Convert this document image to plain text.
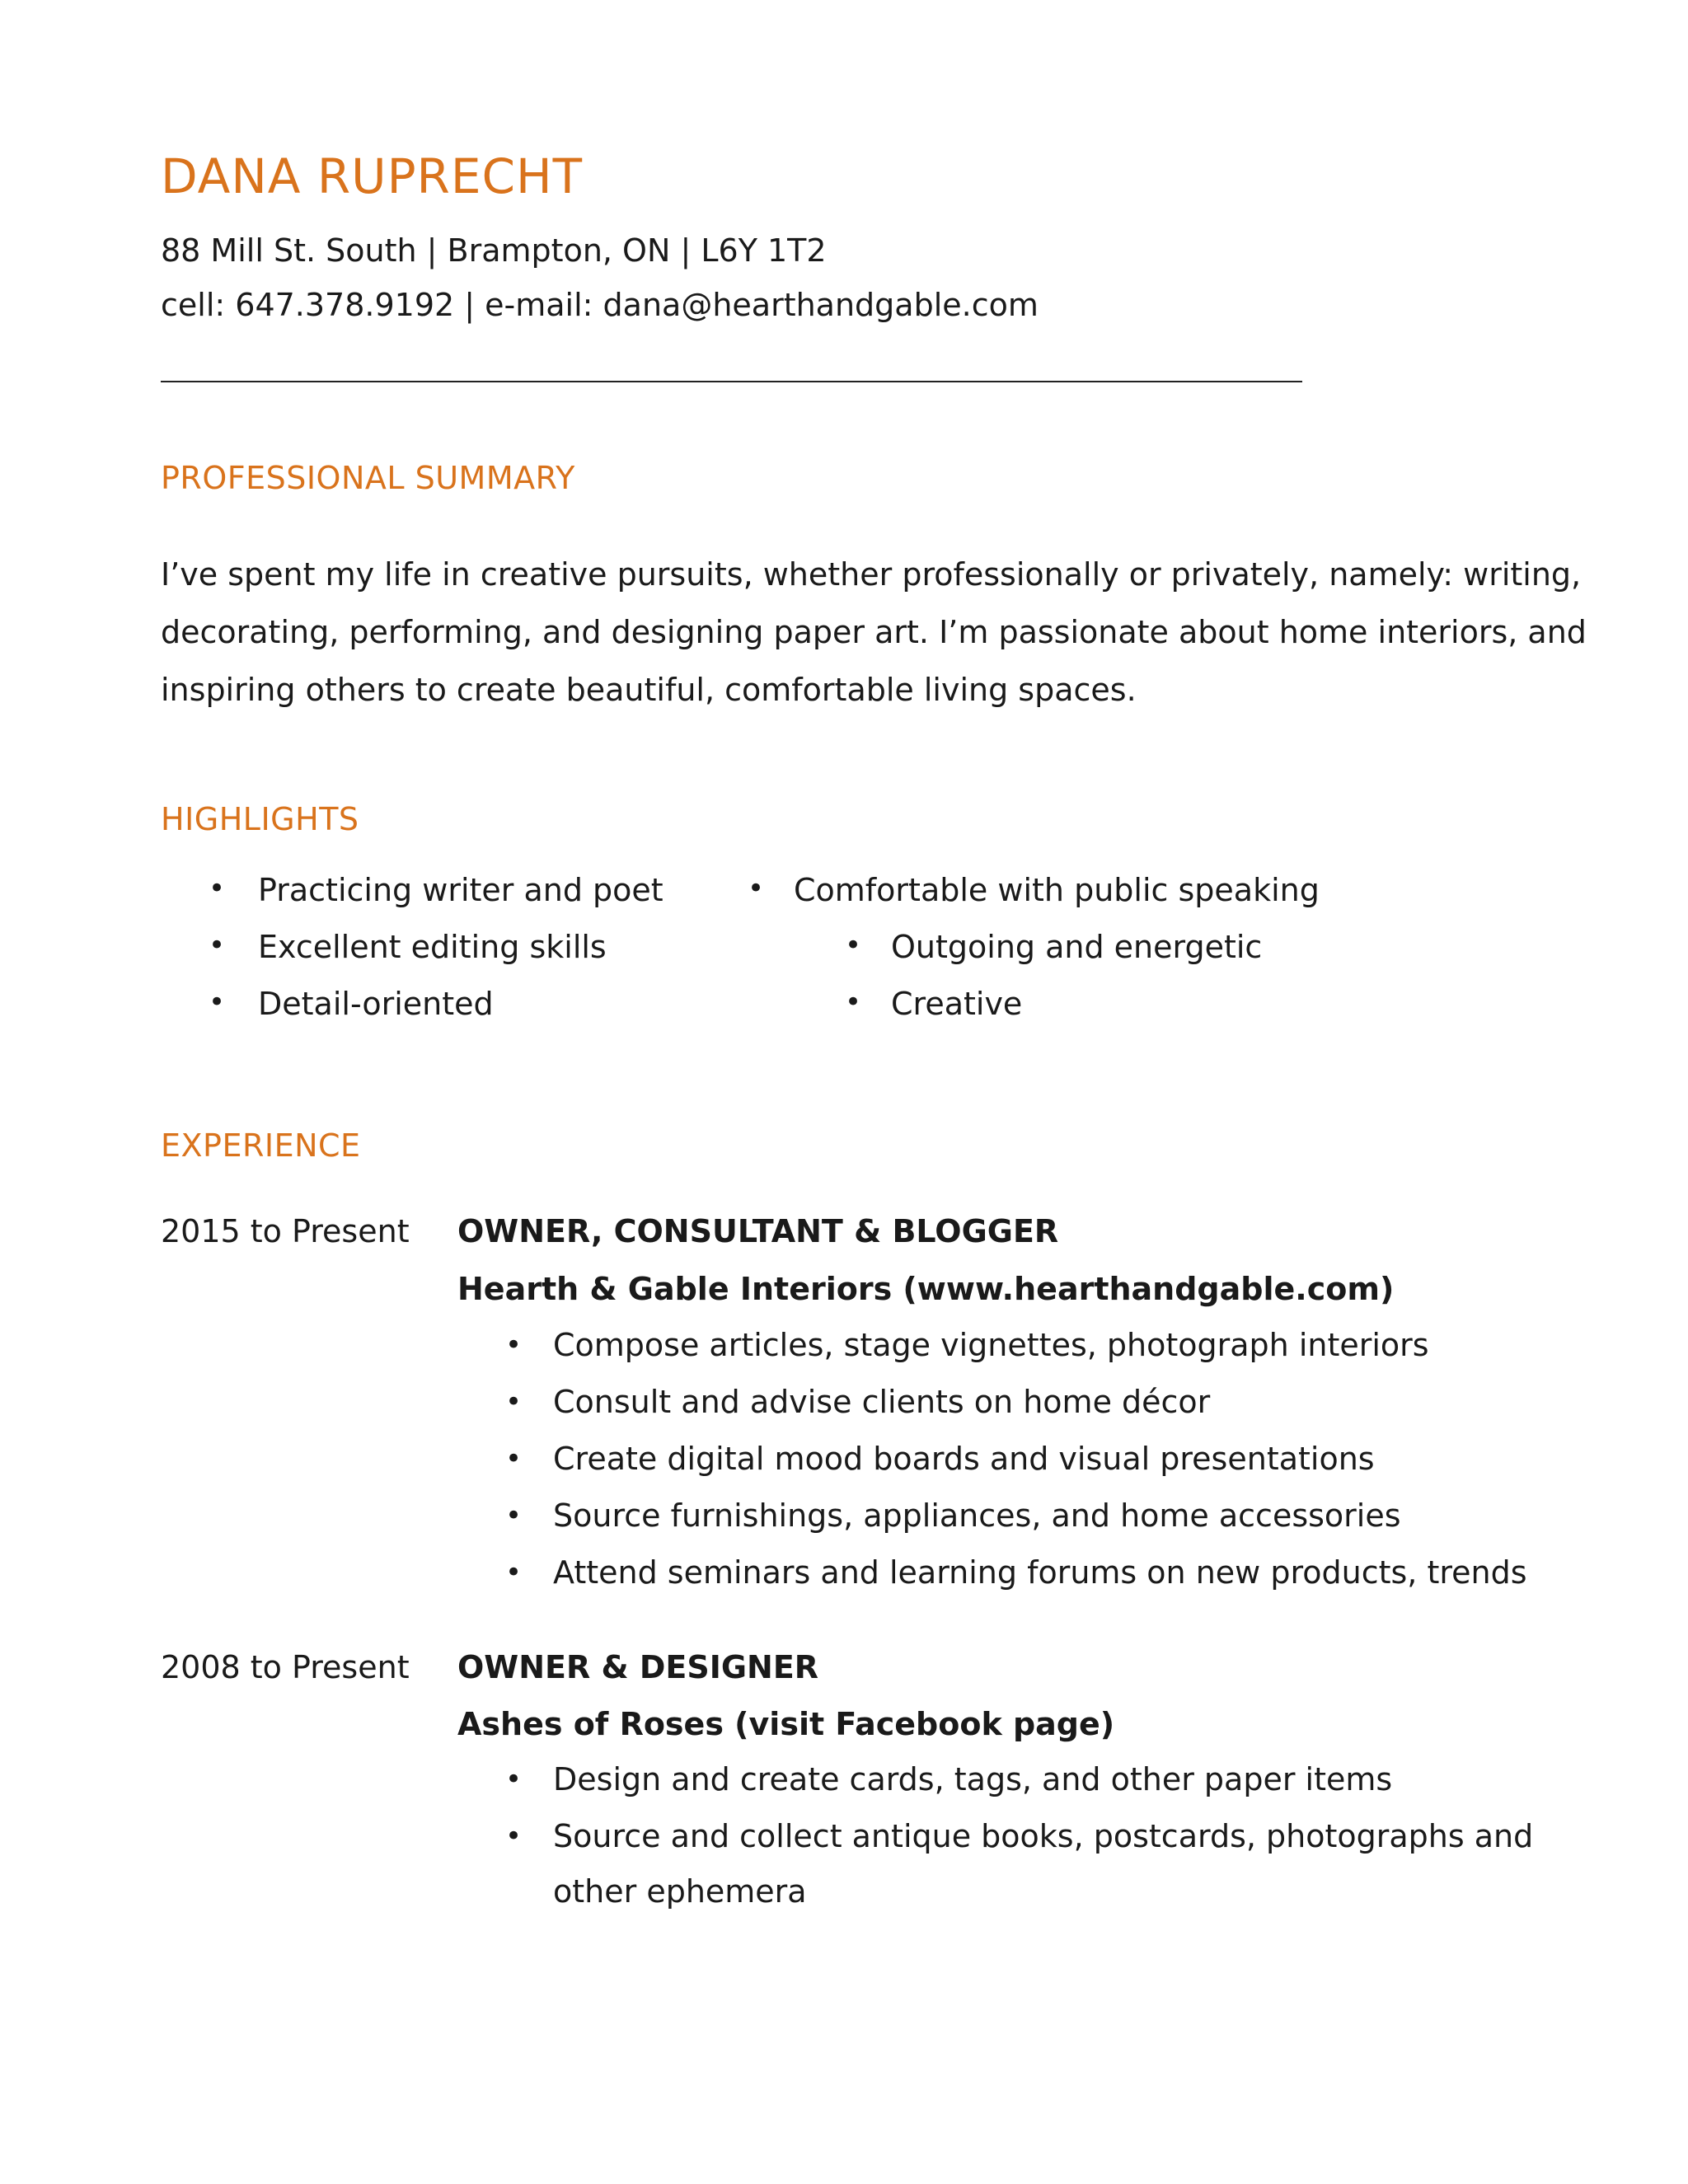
DANA RUPRECHT
88 Mill St. South | Brampton, ON | L6Y 1T2
cell: 647.378.9192 | e-mail: dana@hearthandgable.com
PROFESSIONAL SUMMARY
I’ve spent my life in creative pursuits, whether professionally or privately, namely: writing,
decorating, performing, and designing paper art. I’m passionate about home interiors, and
inspiring others to create beautiful, comfortable living spaces.
HIGHLIGHTS
• Practicing writer and poet
• Excellent editing skills
• Detail-oriented
• Comfortable with public speaking
• Outgoing and energetic
• Creative
EXPERIENCE
2015 to Present OWNER, CONSULTANT & BLOGGER
Hearth & Gable Interiors (www.hearthandgable.com)
• Compose articles, stage vignettes, photograph interiors
• Consult and advise clients on home décor
• Create digital mood boards and visual presentations
• Source furnishings, appliances, and home accessories
• Attend seminars and learning forums on new products, trends
2008 to Present OWNER & DESIGNER
Ashes of Roses (visit Facebook page)
• Design and create cards, tags, and other paper items
• Source and collect antique books, postcards, photographs and
other ephemera
